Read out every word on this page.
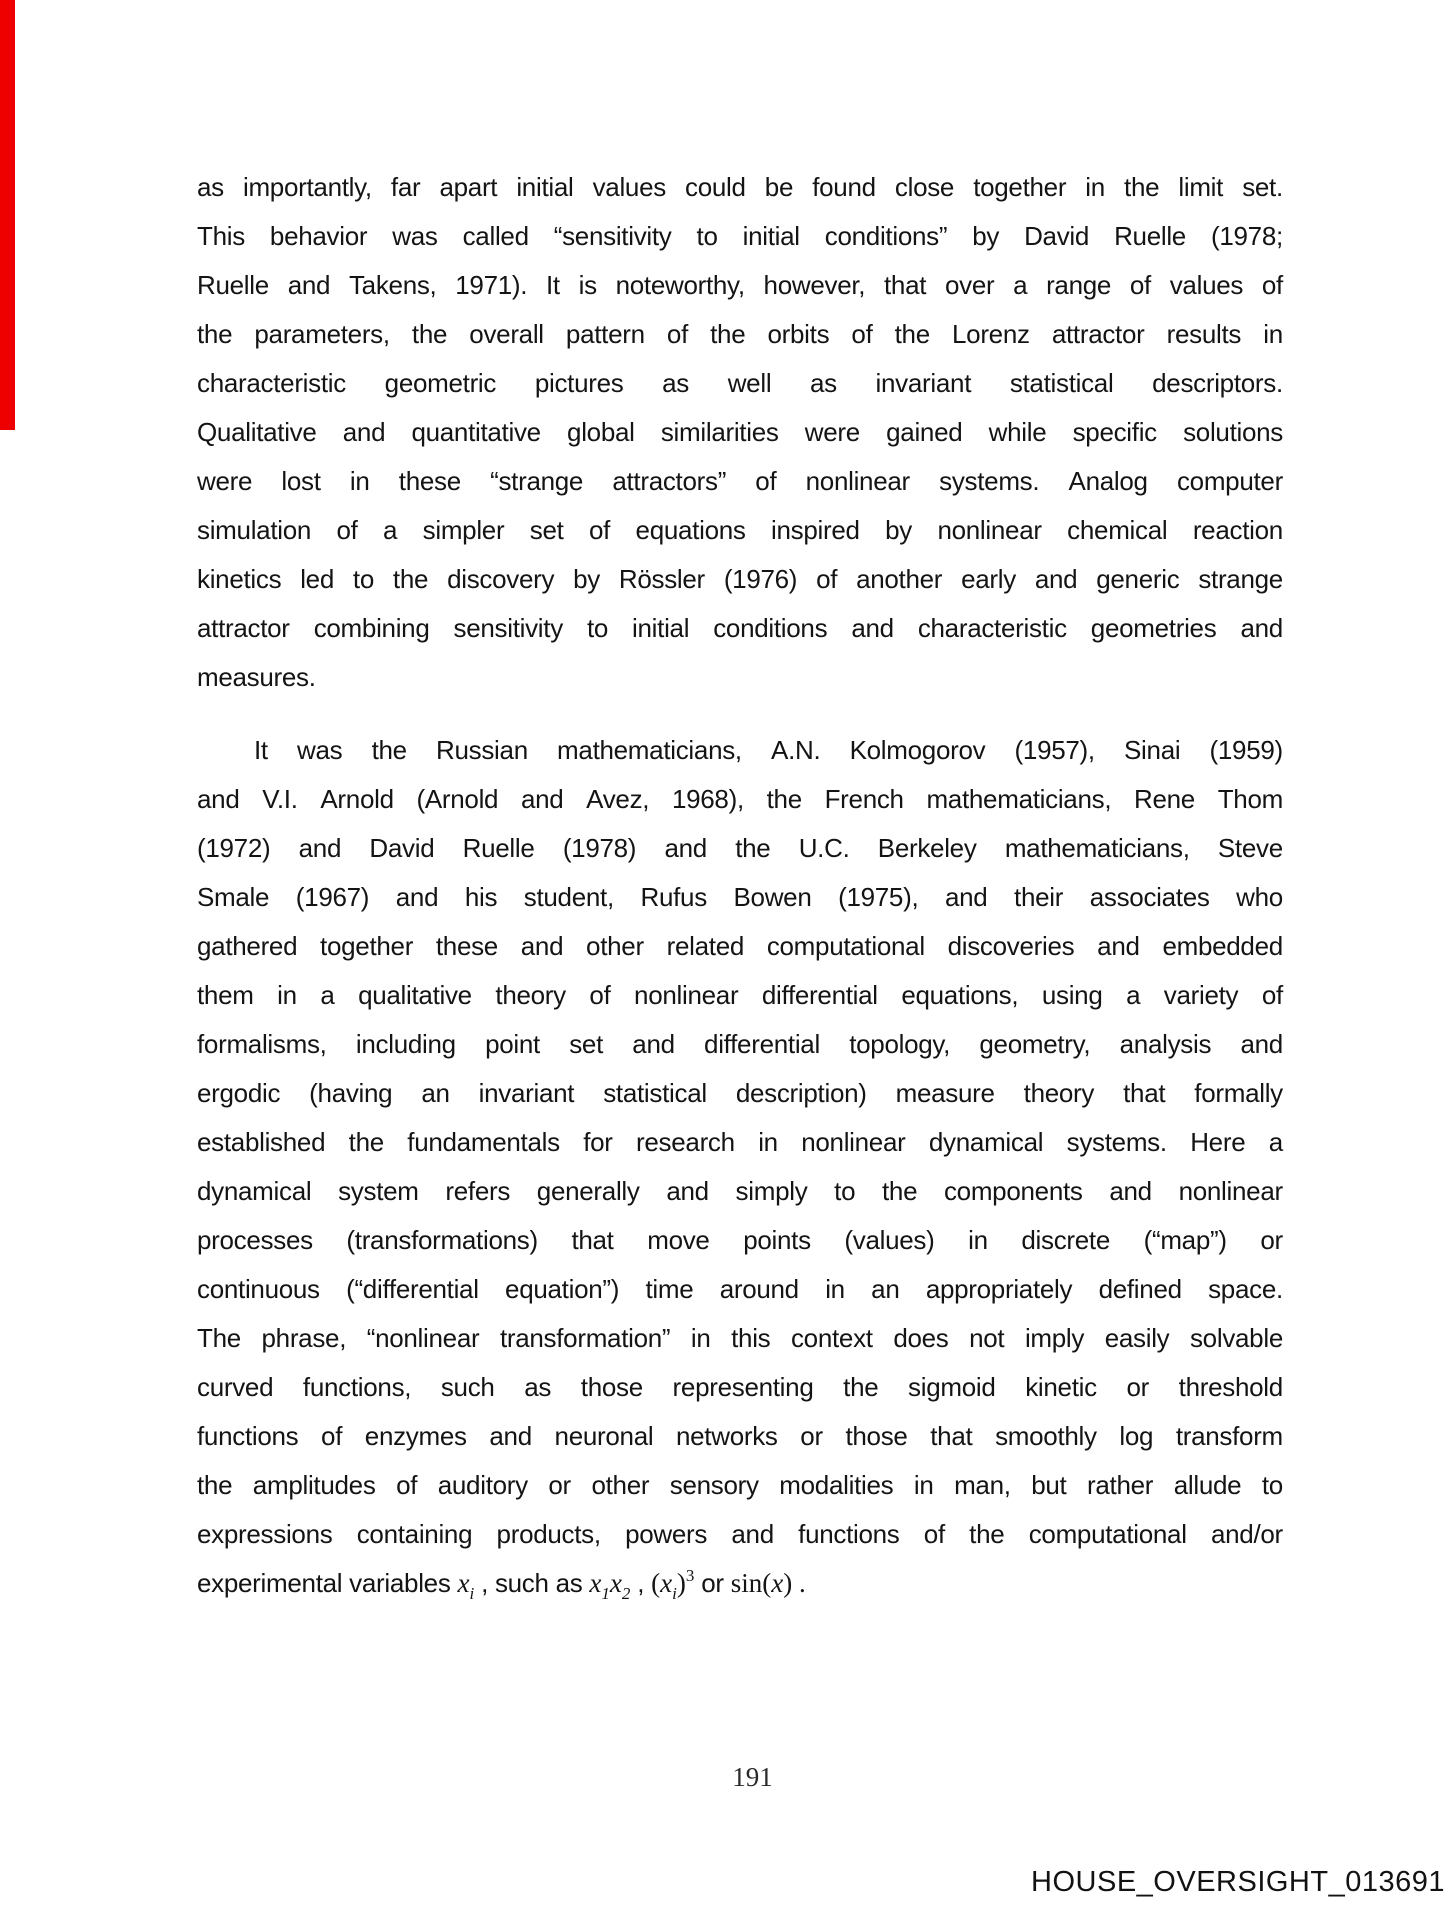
as importantly, far apart initial values could be found close together in the limit set.
This behavior was called “sensitivity to initial conditions” by David Ruelle (1978;
Ruelle and Takens, 1971). It is noteworthy, however, that over a range of values of
the parameters, the overall pattern of the orbits of the Lorenz attractor results in
characteristic geometric pictures as well as invariant statistical descriptors.
Qualitative and quantitative global similarities were gained while specific solutions
were lost in these “strange attractors” of nonlinear systems. Analog computer
simulation of a simpler set of equations inspired by nonlinear chemical reaction
kinetics led to the discovery by Rössler (1976) of another early and generic strange
attractor combining sensitivity to initial conditions and characteristic geometries and
measures.
It was the Russian mathematicians, A.N. Kolmogorov (1957), Sinai (1959)
and V.I. Arnold (Arnold and Avez, 1968), the French mathematicians, Rene Thom
(1972) and David Ruelle (1978) and the U.C. Berkeley mathematicians, Steve
Smale (1967) and his student, Rufus Bowen (1975), and their associates who
gathered together these and other related computational discoveries and embedded
them in a qualitative theory of nonlinear differential equations, using a variety of
formalisms, including point set and differential topology, geometry, analysis and
ergodic (having an invariant statistical description) measure theory that formally
established the fundamentals for research in nonlinear dynamical systems. Here a
dynamical system refers generally and simply to the components and nonlinear
processes (transformations) that move points (values) in discrete (“map”) or
continuous (“differential equation”) time around in an appropriately defined space.
The phrase, “nonlinear transformation” in this context does not imply easily solvable
curved functions, such as those representing the sigmoid kinetic or threshold
functions of enzymes and neuronal networks or those that smoothly log transform
the amplitudes of auditory or other sensory modalities in man, but rather allude to
expressions containing products, powers and functions of the computational and/or
experimental variables $x_i$ , such as $x_1x_2$ , $(x_i)^3$ or sin(x) .
191
HOUSE_OVERSIGHT_013691
